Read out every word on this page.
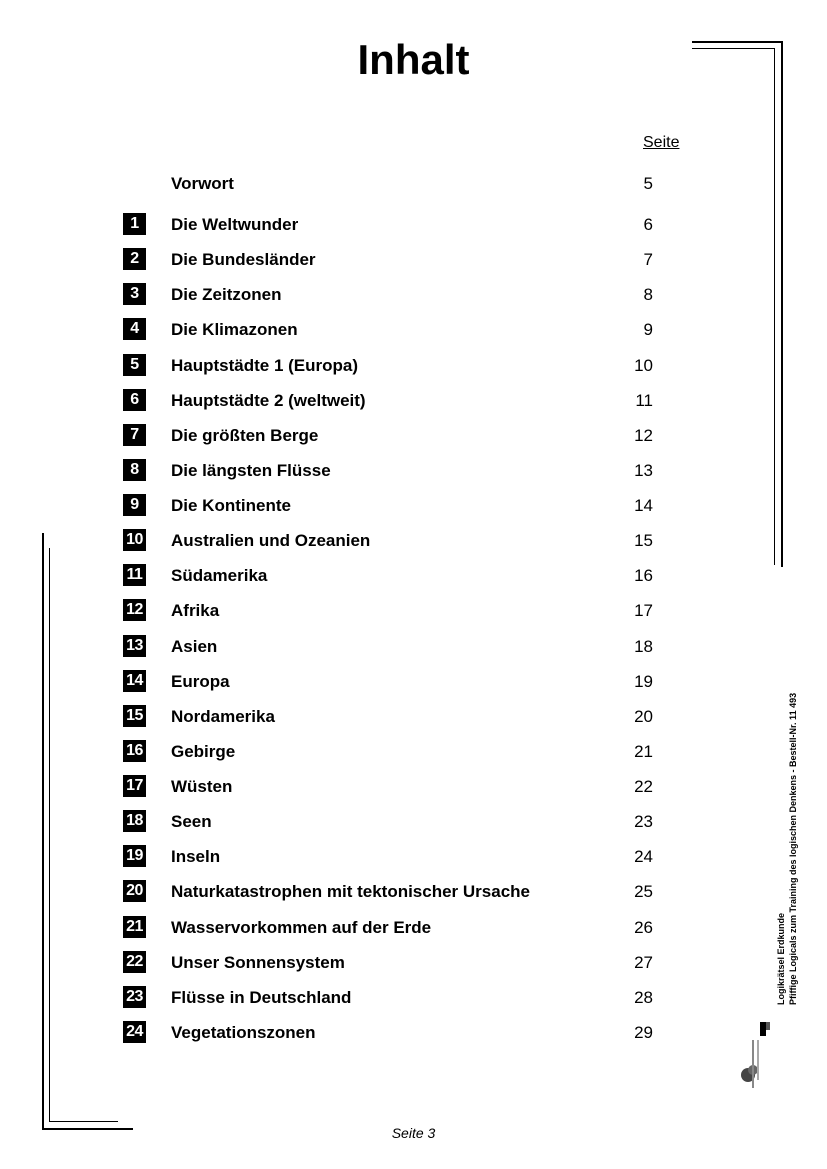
Inhalt
Seite
Vorwort	5
1	Die Weltwunder	6
2	Die Bundesländer	7
3	Die Zeitzonen	8
4	Die Klimazonen	9
5	Hauptstädte 1 (Europa)	10
6	Hauptstädte 2 (weltweit)	11
7	Die größten Berge	12
8	Die längsten Flüsse	13
9	Die Kontinente	14
10 Australien und Ozeanien	15
11 Südamerika	16
12 Afrika	17
13 Asien	18
14 Europa	19
15 Nordamerika	20
16 Gebirge	21
17 Wüsten	22
18 Seen	23
19 Inseln	24
20 Naturkatastrophen mit tektonischer Ursache	25
21 Wasservorkommen auf der Erde	26
22 Unser Sonnensystem	27
23 Flüsse in Deutschland	28
24 Vegetationszonen	29
Logikrätsel Erdkunde Pfiffige Logicals zum Training des logischen Denkens - Bestell-Nr. 11 493
Seite 3
